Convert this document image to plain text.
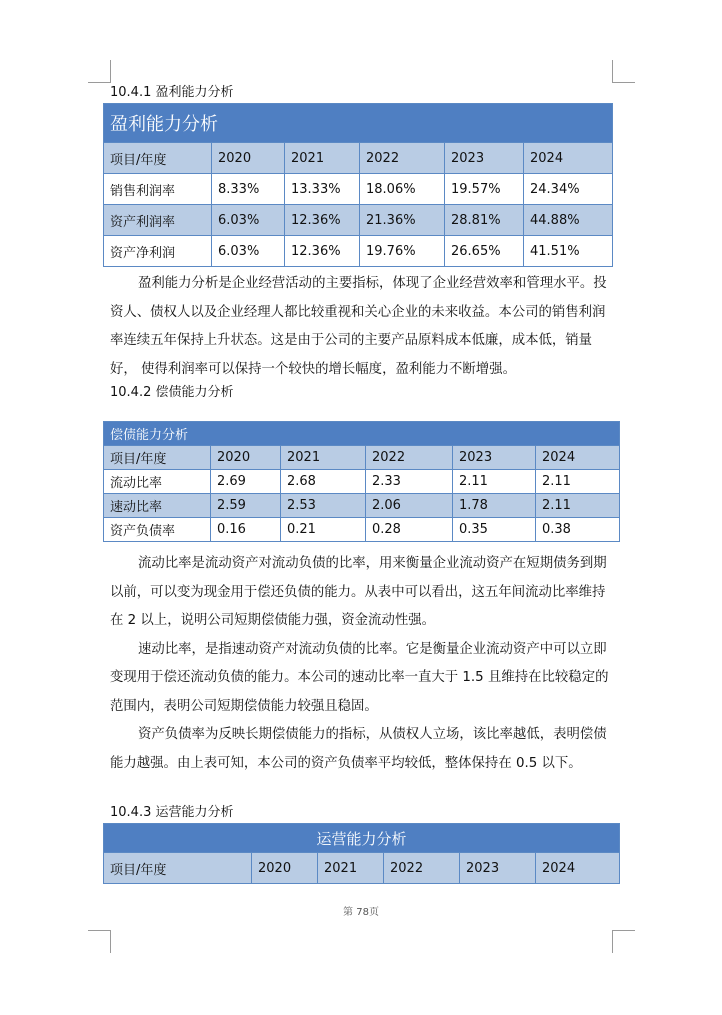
10.4.1 盈利能力分析
盈利能力分析					
项目/年度	2020	2021	2022	2023	2024
销售利润率	8.33%	13.33%	18.06%	19.57%	24.34%
资产利润率	6.03%	12.36%	21.36%	28.81%	44.88%
资产净利润	6.03%	12.36%	19.76%	26.65%	41.51%

盈利能力分析是企业经营活动的主要指标，体现了企业经营效率和管理水平。投资人、债权人以及企业经理人都比较重视和关心企业的未来收益。本公司的销售利润率连续五年保持上升状态。这是由于公司的主要产品原料成本低廉，成本低，销量好， 使得利润率可以保持一个较快的增长幅度，盈利能力不断增强。

10.4.2 偿债能力分析
偿债能力分析					
项目/年度	2020	2021	2022	2023	2024
流动比率	2.69	2.68	2.33	2.11	2.11
速动比率	2.59	2.53	2.06	1.78	2.11
资产负债率	0.16	0.21	0.28	0.35	0.38

流动比率是流动资产对流动负债的比率，用来衡量企业流动资产在短期债务到期以前，可以变为现金用于偿还负债的能力。从表中可以看出，这五年间流动比率维持在 2 以上，说明公司短期偿债能力强，资金流动性强。

速动比率，是指速动资产对流动负债的比率。它是衡量企业流动资产中可以立即变现用于偿还流动负债的能力。本公司的速动比率一直大于 1.5 且维持在比较稳定的范围内，表明公司短期偿债能力较强且稳固。

资产负债率为反映长期偿债能力的指标，从债权人立场，该比率越低，表明偿债能力越强。由上表可知，本公司的资产负债率平均较低，整体保持在 0.5 以下。

10.4.3 运营能力分析
运营能力分析
项目/年度	2020	2021	2022	2023	2024
第 78页
